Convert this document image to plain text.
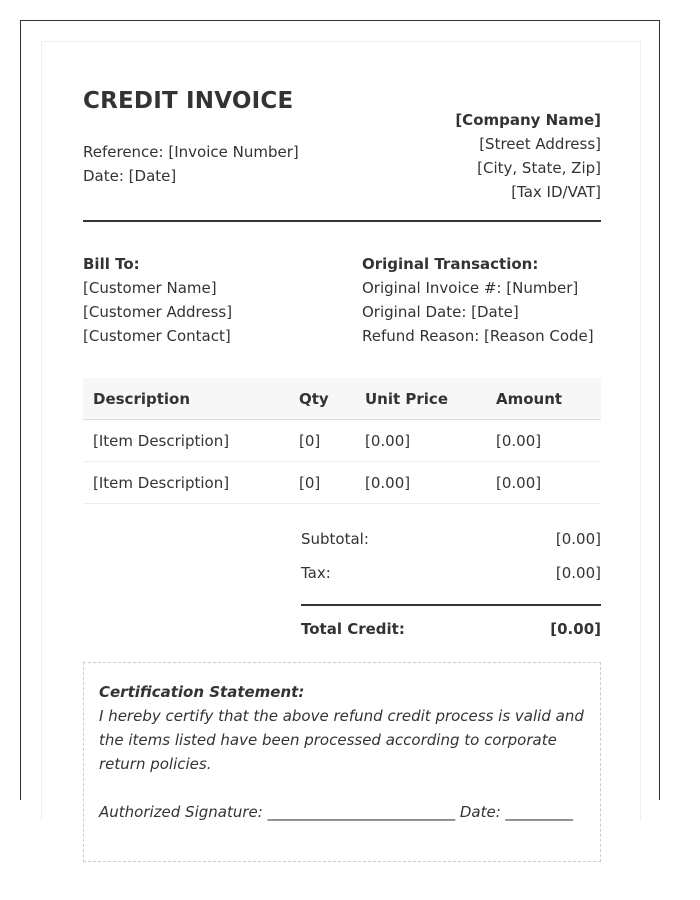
CREDIT INVOICE
Reference: [Invoice Number]
Date: [Date]
[Company Name]
[Street Address]
[City, State, Zip]
[Tax ID/VAT]
Bill To:
[Customer Name]
[Customer Address]
[Customer Contact]
Original Transaction:
Original Invoice #: [Number]
Original Date: [Date]
Refund Reason: [Reason Code]
Description	Qty	Unit Price	Amount
[Item Description]	[0]	[0.00]	[0.00]
[Item Description]	[0]	[0.00]	[0.00]
Subtotal:	[0.00]
Tax:	[0.00]
Total Credit:	[0.00]
Certification Statement:
I hereby certify that the above refund credit process is valid and the items listed have been processed according to corporate return policies.
Authorized Signature: _________________________ Date: _________
